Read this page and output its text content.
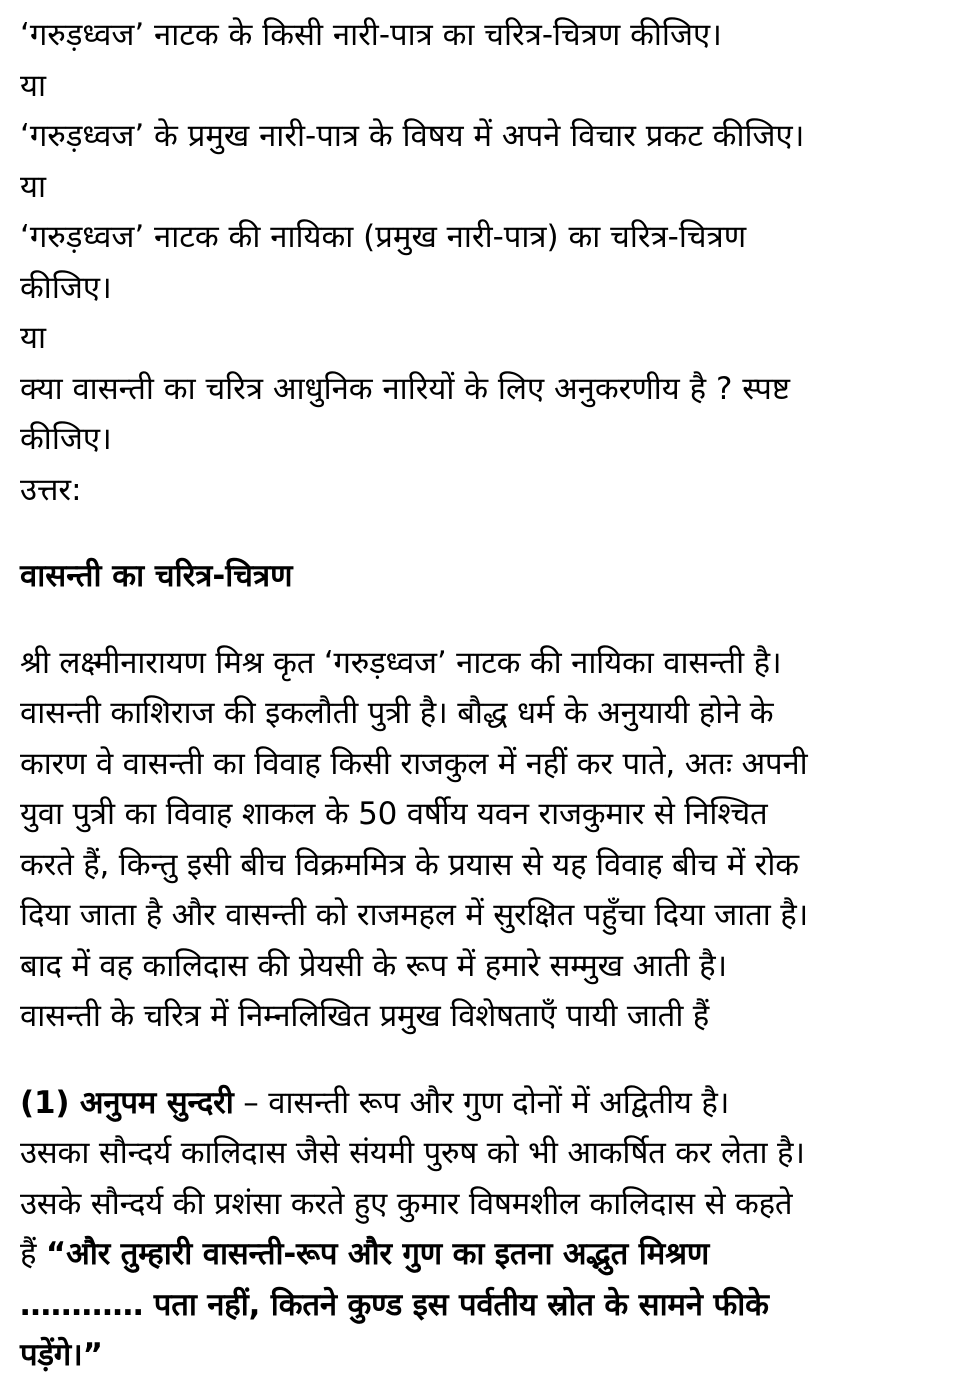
‘गरुड़ध्वज’ नाटक के किसी नारी-पात्र का चरित्र-चित्रण कीजिए।
या
‘गरुड़ध्वज’ के प्रमुख नारी-पात्र के विषय में अपने विचार प्रकट कीजिए।
या
‘गरुड़ध्वज’ नाटक की नायिका (प्रमुख नारी-पात्र) का चरित्र-चित्रण
कीजिए।
या
क्या वासन्ती का चरित्र आधुनिक नारियों के लिए अनुकरणीय है ? स्पष्ट
कीजिए।
उत्तर:
वासन्ती का चरित्र-चित्रण
श्री लक्ष्मीनारायण मिश्र कृत ‘गरुड़ध्वज’ नाटक की नायिका वासन्ती है।
वासन्ती काशिराज की इकलौती पुत्री है। बौद्ध धर्म के अनुयायी होने के
कारण वे वासन्ती का विवाह किसी राजकुल में नहीं कर पाते, अतः अपनी
युवा पुत्री का विवाह शाकल के 50 वर्षीय यवन राजकुमार से निश्चित
करते हैं, किन्तु इसी बीच विक्रममित्र के प्रयास से यह विवाह बीच में रोक
दिया जाता है और वासन्ती को राजमहल में सुरक्षित पहुँचा दिया जाता है।
बाद में वह कालिदास की प्रेयसी के रूप में हमारे सम्मुख आती है।
वासन्ती के चरित्र में निम्नलिखित प्रमुख विशेषताएँ पायी जाती हैं
(1) अनुपम सुन्दरी – वासन्ती रूप और गुण दोनों में अद्वितीय है।
उसका सौन्दर्य कालिदास जैसे संयमी पुरुष को भी आकर्षित कर लेता है।
उसके सौन्दर्य की प्रशंसा करते हुए कुमार विषमशील कालिदास से कहते
हैं “और तुम्हारी वासन्ती-रूप और गुण का इतना अद्भुत मिश्रण
………… पता नहीं, कितने कुण्ड इस पर्वतीय स्रोत के सामने फीके
पड़ेंगे।”
